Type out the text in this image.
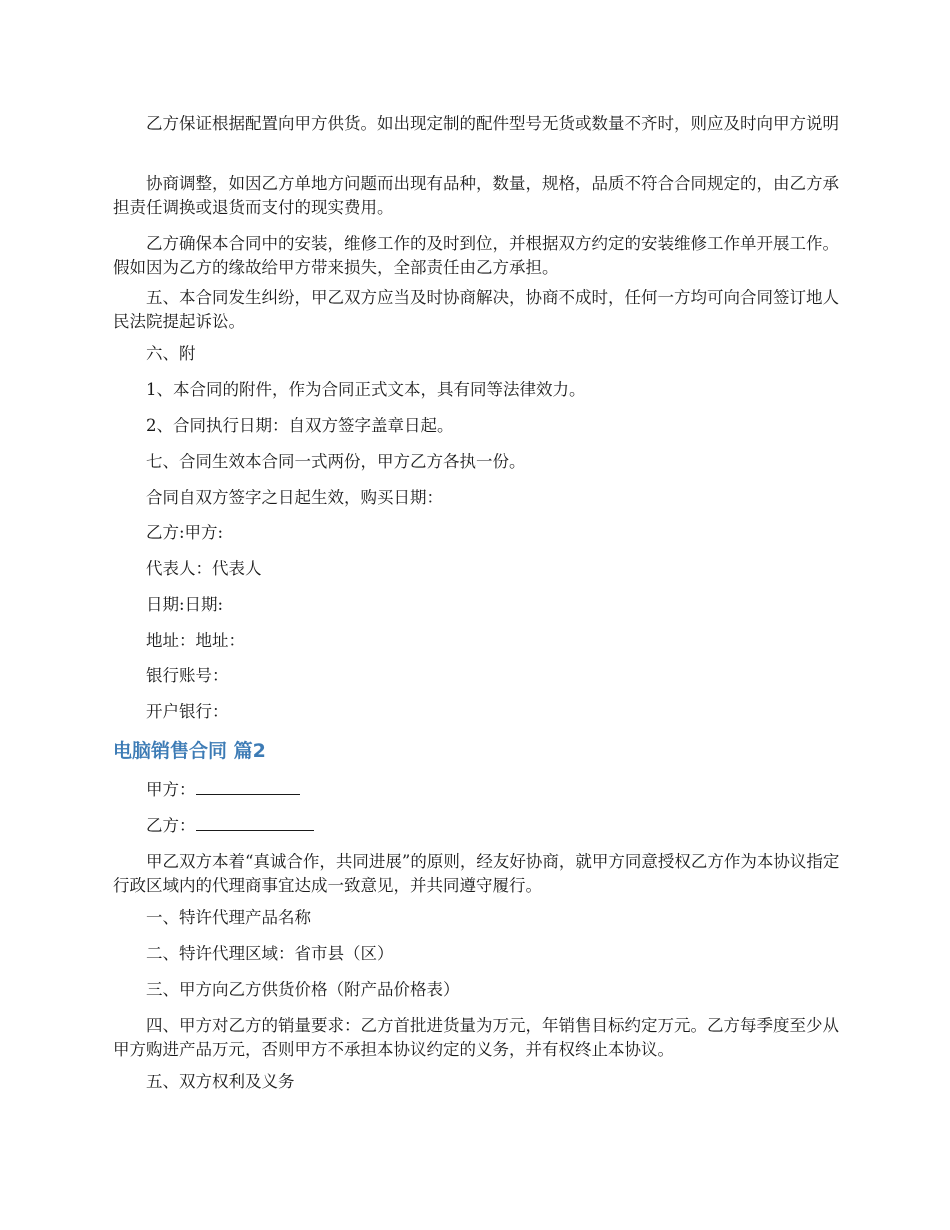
乙方保证根据配置向甲方供货。如出现定制的配件型号无货或数量不齐时，则应及时向甲方说明

协商调整，如因乙方单地方问题而出现有品种，数量，规格，品质不符合合同规定的，由乙方承担责任调换或退货而支付的现实费用。

乙方确保本合同中的安装，维修工作的及时到位，并根据双方约定的安装维修工作单开展工作。假如因为乙方的缘故给甲方带来损失，全部责任由乙方承担。

五、本合同发生纠纷，甲乙双方应当及时协商解决，协商不成时，任何一方均可向合同签订地人民法院提起诉讼。

六、附

1、本合同的附件，作为合同正式文本，具有同等法律效力。

2、合同执行日期：自双方签字盖章日起。

七、合同生效本合同一式两份，甲方乙方各执一份。

合同自双方签字之日起生效，购买日期：

乙方:甲方:

代表人：代表人

日期:日期:

地址：地址：

银行账号：

开户银行：

电脑销售合同 篇2

甲方：

乙方：

甲乙双方本着“真诚合作，共同进展”的原则，经友好协商，就甲方同意授权乙方作为本协议指定行政区域内的代理商事宜达成一致意见，并共同遵守履行。

一、特许代理产品名称

二、特许代理区域：省市县（区）

三、甲方向乙方供货价格（附产品价格表）

四、甲方对乙方的销量要求：乙方首批进货量为万元，年销售目标约定万元。乙方每季度至少从甲方购进产品万元，否则甲方不承担本协议约定的义务，并有权终止本协议。

五、双方权利及义务
